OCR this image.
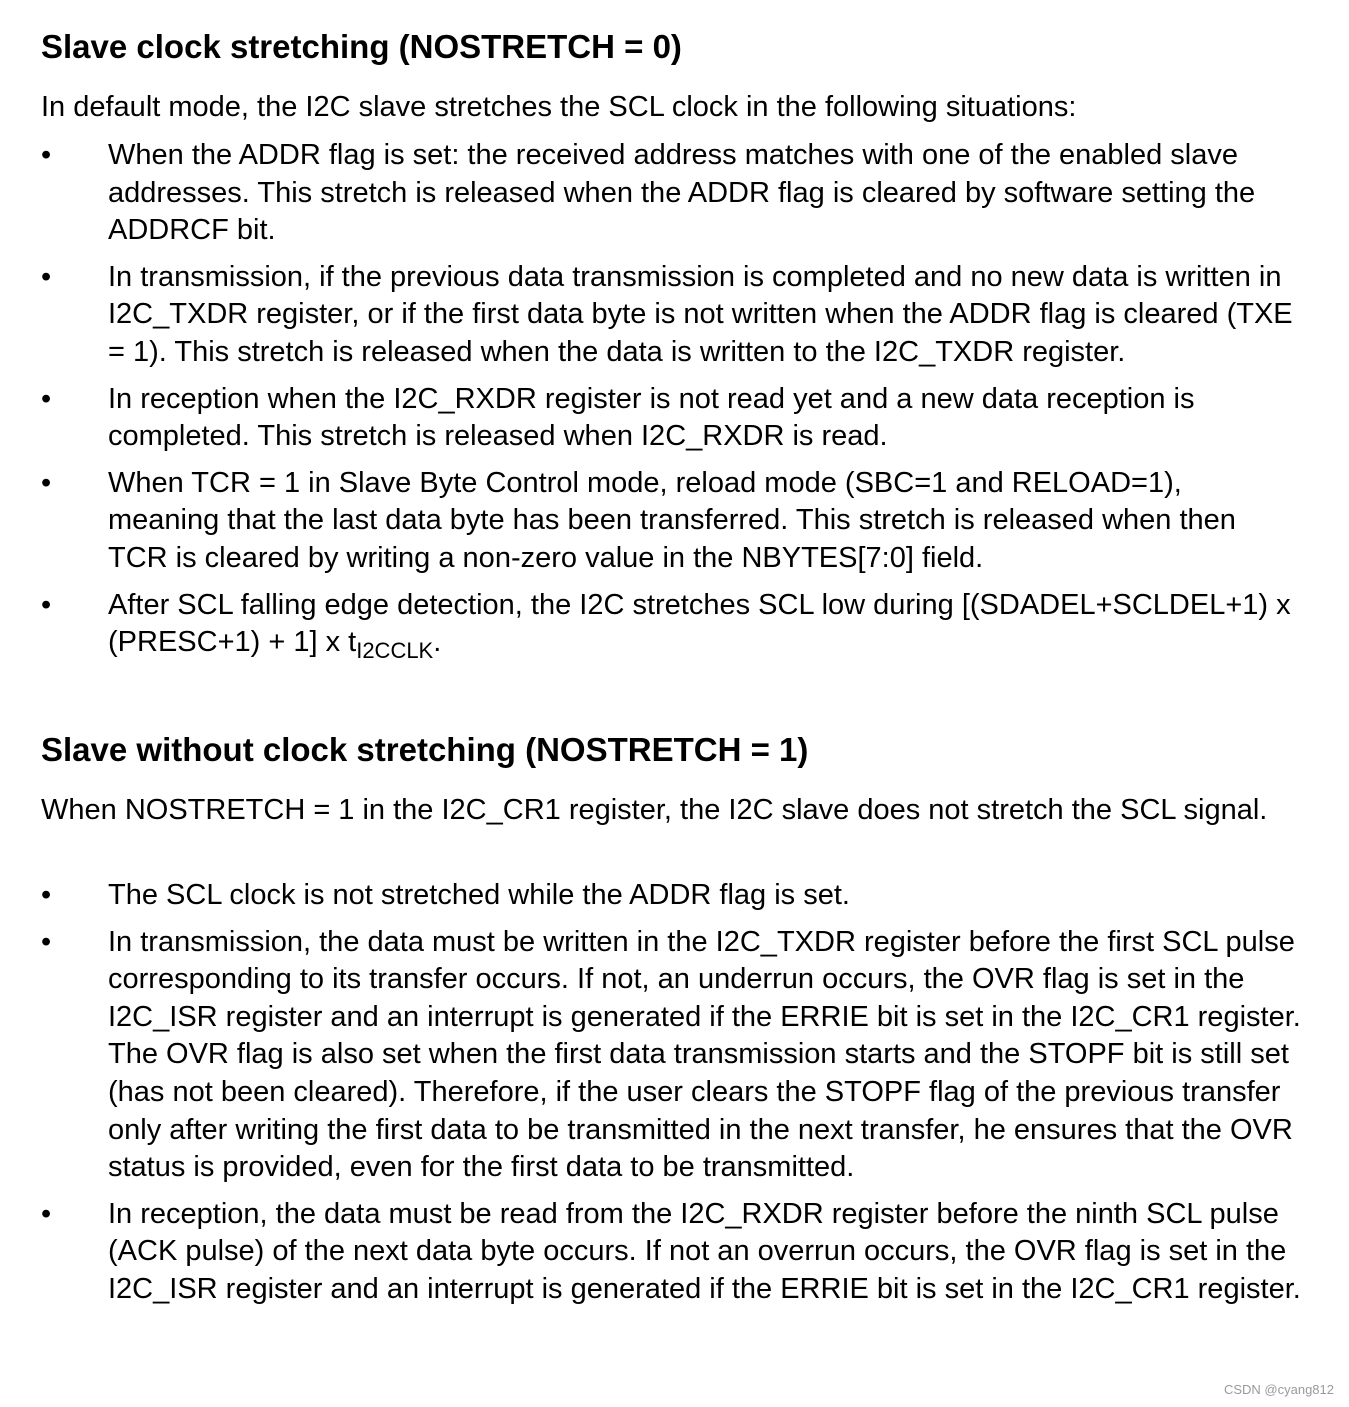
Slave clock stretching (NOSTRETCH = 0)

In default mode, the I2C slave stretches the SCL clock in the following situations:

•	When the ADDR flag is set: the received address matches with one of the enabled slave addresses. This stretch is released when the ADDR flag is cleared by software setting the ADDRCF bit.
•	In transmission, if the previous data transmission is completed and no new data is written in I2C_TXDR register, or if the first data byte is not written when the ADDR flag is cleared (TXE = 1). This stretch is released when the data is written to the I2C_TXDR register.
•	In reception when the I2C_RXDR register is not read yet and a new data reception is completed. This stretch is released when I2C_RXDR is read.
•	When TCR = 1 in Slave Byte Control mode, reload mode (SBC=1 and RELOAD=1), meaning that the last data byte has been transferred. This stretch is released when then TCR is cleared by writing a non-zero value in the NBYTES[7:0] field.
•	After SCL falling edge detection, the I2C stretches SCL low during [(SDADEL+SCLDEL+1) x (PRESC+1) + 1] x $t_{I2CCLK}$.
Slave without clock stretching (NOSTRETCH = 1)

When NOSTRETCH = 1 in the I2C_CR1 register, the I2C slave does not stretch the SCL signal.

•	The SCL clock is not stretched while the ADDR flag is set.
•	In transmission, the data must be written in the I2C_TXDR register before the first SCL pulse corresponding to its transfer occurs. If not, an underrun occurs, the OVR flag is set in the I2C_ISR register and an interrupt is generated if the ERRIE bit is set in the I2C_CR1 register. The OVR flag is also set when the first data transmission starts and the STOPF bit is still set (has not been cleared). Therefore, if the user clears the STOPF flag of the previous transfer only after writing the first data to be transmitted in the next transfer, he ensures that the OVR status is provided, even for the first data to be transmitted.
•	In reception, the data must be read from the I2C_RXDR register before the ninth SCL pulse (ACK pulse) of the next data byte occurs. If not an overrun occurs, the OVR flag is set in the I2C_ISR register and an interrupt is generated if the ERRIE bit is set in the I2C_CR1 register.
CSDN @cyang812
